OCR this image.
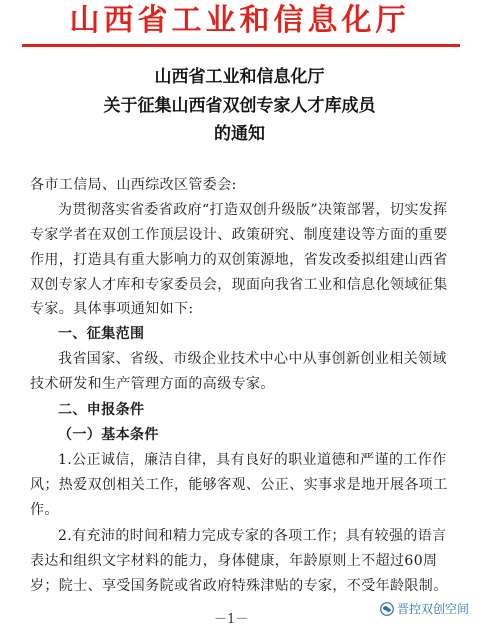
山西省工业和信息化厅
山西省工业和信息化厅
关于征集山西省双创专家人才库成员
的通知
各市工信局、山西综改区管委会:
为贯彻落实省委省政府“打造双创升级版”决策部署，切实发挥
专家学者在双创工作顶层设计、政策研究、制度建设等方面的重要
作用，打造具有重大影响力的双创策源地，省发改委拟组建山西省
双创专家人才库和专家委员会，现面向我省工业和信息化领域征集
专家。具体事项通知如下:
一、征集范围
我省国家、省级、市级企业技术中心中从事创新创业相关领域
技术研发和生产管理方面的高级专家。
二、申报条件
（一）基本条件
1.公正诚信，廉洁自律，具有良好的职业道德和严谨的工作作
风；热爱双创相关工作，能够客观、公正、实事求是地开展各项工
作。
2.有充沛的时间和精力完成专家的各项工作；具有较强的语言
表达和组织文字材料的能力，身体健康，年龄原则上不超过60周
岁；院士、享受国务院或省政府特殊津贴的专家，不受年龄限制。
晋控双创空间
－1－
